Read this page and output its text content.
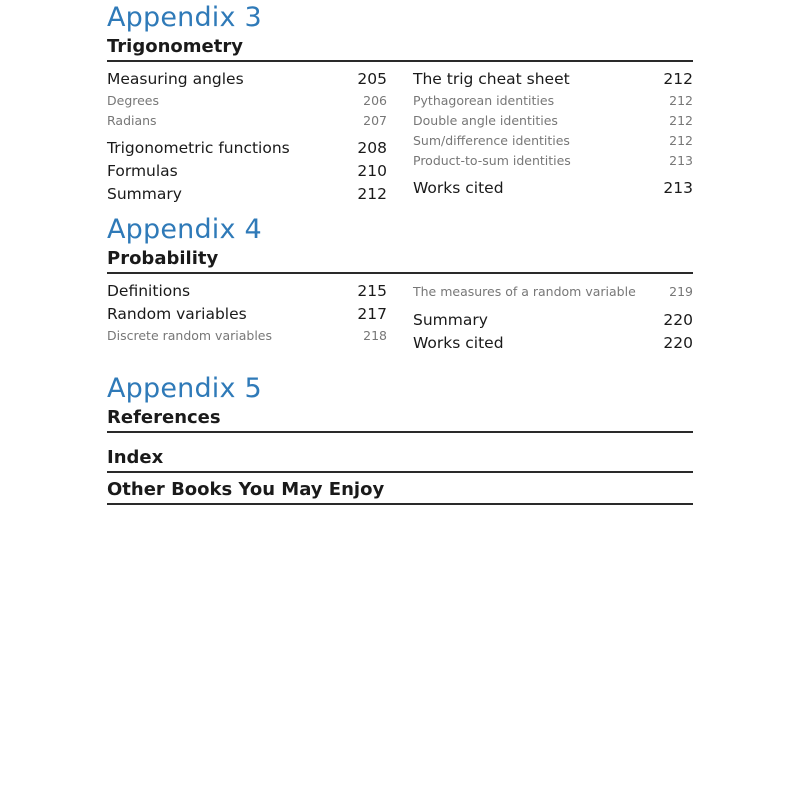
Appendix 3
Trigonometry
Measuring angles	205
Degrees	206
Radians	207
Trigonometric functions	208
Formulas	210
Summary	212
The trig cheat sheet	212
Pythagorean identities	212
Double angle identities	212
Sum/difference identities	212
Product-to-sum identities	213
Works cited	213
Appendix 4
Probability
Definitions	215
Random variables	217
Discrete random variables	218
The measures of a random variable	219
Summary	220
Works cited	220
Appendix 5
References
Index
Other Books You May Enjoy
